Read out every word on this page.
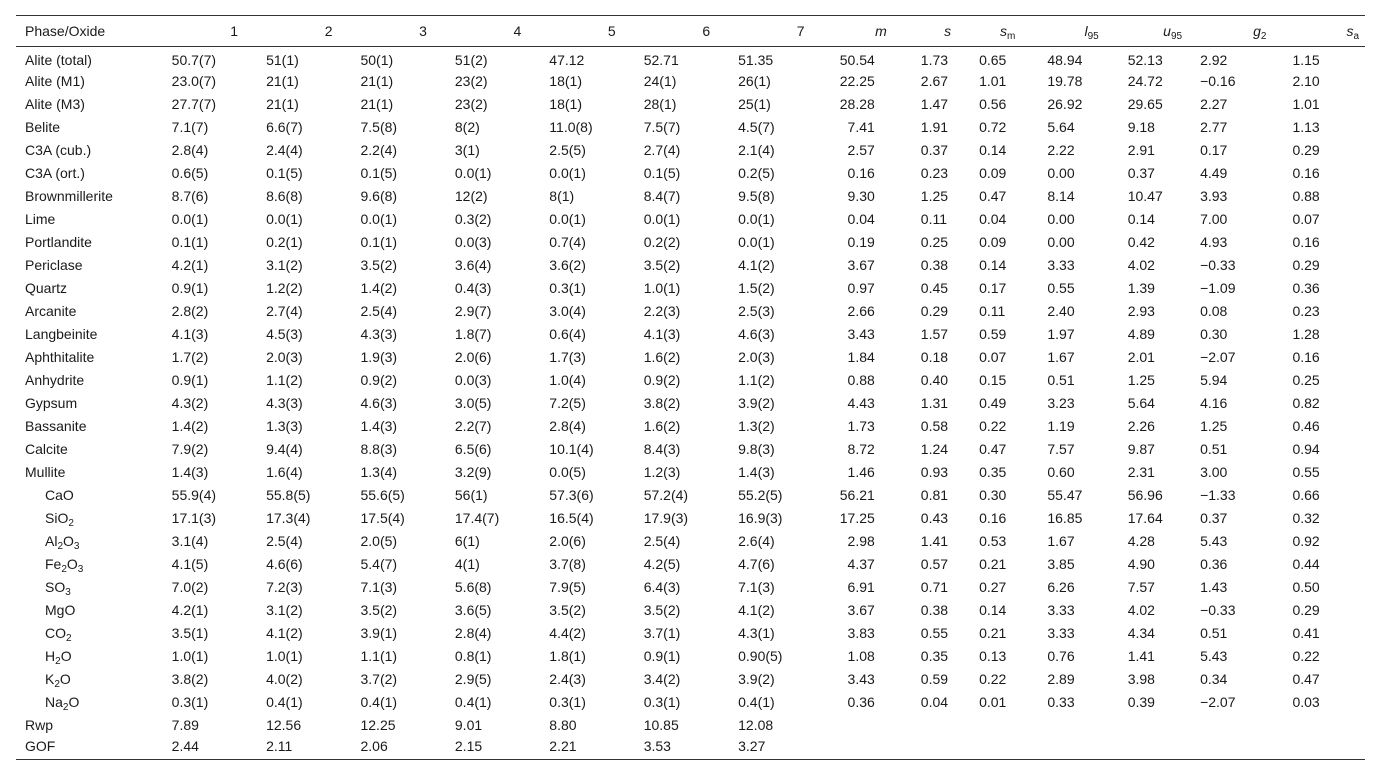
Phase/Oxide	1	2	3	4	5	6	7	m	s	$s_m$	$l_{95}$	$u_{95}$	$g_2$	$s_a$
Alite (total)	50.7(7)	51(1)	50(1)	51(2)	47.12	52.71	51.35	50.54	1.73	0.65	48.94	52.13	2.92	1.15
Alite (M1)	23.0(7)	21(1)	21(1)	23(2)	18(1)	24(1)	26(1)	22.25	2.67	1.01	19.78	24.72	−0.16	2.10
Alite (M3)	27.7(7)	21(1)	21(1)	23(2)	18(1)	28(1)	25(1)	28.28	1.47	0.56	26.92	29.65	2.27	1.01
Belite	7.1(7)	6.6(7)	7.5(8)	8(2)	11.0(8)	7.5(7)	4.5(7)	7.41	1.91	0.72	5.64	9.18	2.77	1.13
C3A (cub.)	2.8(4)	2.4(4)	2.2(4)	3(1)	2.5(5)	2.7(4)	2.1(4)	2.57	0.37	0.14	2.22	2.91	0.17	0.29
C3A (ort.)	0.6(5)	0.1(5)	0.1(5)	0.0(1)	0.0(1)	0.1(5)	0.2(5)	0.16	0.23	0.09	0.00	0.37	4.49	0.16
Brownmillerite	8.7(6)	8.6(8)	9.6(8)	12(2)	8(1)	8.4(7)	9.5(8)	9.30	1.25	0.47	8.14	10.47	3.93	0.88
Lime	0.0(1)	0.0(1)	0.0(1)	0.3(2)	0.0(1)	0.0(1)	0.0(1)	0.04	0.11	0.04	0.00	0.14	7.00	0.07
Portlandite	0.1(1)	0.2(1)	0.1(1)	0.0(3)	0.7(4)	0.2(2)	0.0(1)	0.19	0.25	0.09	0.00	0.42	4.93	0.16
Periclase	4.2(1)	3.1(2)	3.5(2)	3.6(4)	3.6(2)	3.5(2)	4.1(2)	3.67	0.38	0.14	3.33	4.02	−0.33	0.29
Quartz	0.9(1)	1.2(2)	1.4(2)	0.4(3)	0.3(1)	1.0(1)	1.5(2)	0.97	0.45	0.17	0.55	1.39	−1.09	0.36
Arcanite	2.8(2)	2.7(4)	2.5(4)	2.9(7)	3.0(4)	2.2(3)	2.5(3)	2.66	0.29	0.11	2.40	2.93	0.08	0.23
Langbeinite	4.1(3)	4.5(3)	4.3(3)	1.8(7)	0.6(4)	4.1(3)	4.6(3)	3.43	1.57	0.59	1.97	4.89	0.30	1.28
Aphthitalite	1.7(2)	2.0(3)	1.9(3)	2.0(6)	1.7(3)	1.6(2)	2.0(3)	1.84	0.18	0.07	1.67	2.01	−2.07	0.16
Anhydrite	0.9(1)	1.1(2)	0.9(2)	0.0(3)	1.0(4)	0.9(2)	1.1(2)	0.88	0.40	0.15	0.51	1.25	5.94	0.25
Gypsum	4.3(2)	4.3(3)	4.6(3)	3.0(5)	7.2(5)	3.8(2)	3.9(2)	4.43	1.31	0.49	3.23	5.64	4.16	0.82
Bassanite	1.4(2)	1.3(3)	1.4(3)	2.2(7)	2.8(4)	1.6(2)	1.3(2)	1.73	0.58	0.22	1.19	2.26	1.25	0.46
Calcite	7.9(2)	9.4(4)	8.8(3)	6.5(6)	10.1(4)	8.4(3)	9.8(3)	8.72	1.24	0.47	7.57	9.87	0.51	0.94
Mullite	1.4(3)	1.6(4)	1.3(4)	3.2(9)	0.0(5)	1.2(3)	1.4(3)	1.46	0.93	0.35	0.60	2.31	3.00	0.55
CaO	55.9(4)	55.8(5)	55.6(5)	56(1)	57.3(6)	57.2(4)	55.2(5)	56.21	0.81	0.30	55.47	56.96	−1.33	0.66
SiO$_2$	17.1(3)	17.3(4)	17.5(4)	17.4(7)	16.5(4)	17.9(3)	16.9(3)	17.25	0.43	0.16	16.85	17.64	0.37	0.32
$Al_2O_3$	3.1(4)	2.5(4)	2.0(5)	6(1)	2.0(6)	2.5(4)	2.6(4)	2.98	1.41	0.53	1.67	4.28	5.43	0.92
$Fe_2O_3$	4.1(5)	4.6(6)	5.4(7)	4(1)	3.7(8)	4.2(5)	4.7(6)	4.37	0.57	0.21	3.85	4.90	0.36	0.44
$SO_3$	7.0(2)	7.2(3)	7.1(3)	5.6(8)	7.9(5)	6.4(3)	7.1(3)	6.91	0.71	0.27	6.26	7.57	1.43	0.50
MgO	4.2(1)	3.1(2)	3.5(2)	3.6(5)	3.5(2)	3.5(2)	4.1(2)	3.67	0.38	0.14	3.33	4.02	−0.33	0.29
$CO_2$	3.5(1)	4.1(2)	3.9(1)	2.8(4)	4.4(2)	3.7(1)	4.3(1)	3.83	0.55	0.21	3.33	4.34	0.51	0.41
$H_2O$	1.0(1)	1.0(1)	1.1(1)	0.8(1)	1.8(1)	0.9(1)	0.90(5)	1.08	0.35	0.13	0.76	1.41	5.43	0.22
$K_2O$	3.8(2)	4.0(2)	3.7(2)	2.9(5)	2.4(3)	3.4(2)	3.9(2)	3.43	0.59	0.22	2.89	3.98	0.34	0.47
$Na_2O$	0.3(1)	0.4(1)	0.4(1)	0.4(1)	0.3(1)	0.3(1)	0.4(1)	0.36	0.04	0.01	0.33	0.39	−2.07	0.03
Rwp	7.89	12.56	12.25	9.01	8.80	10.85	12.08							
GOF	2.44	2.11	2.06	2.15	2.21	3.53	3.27							
